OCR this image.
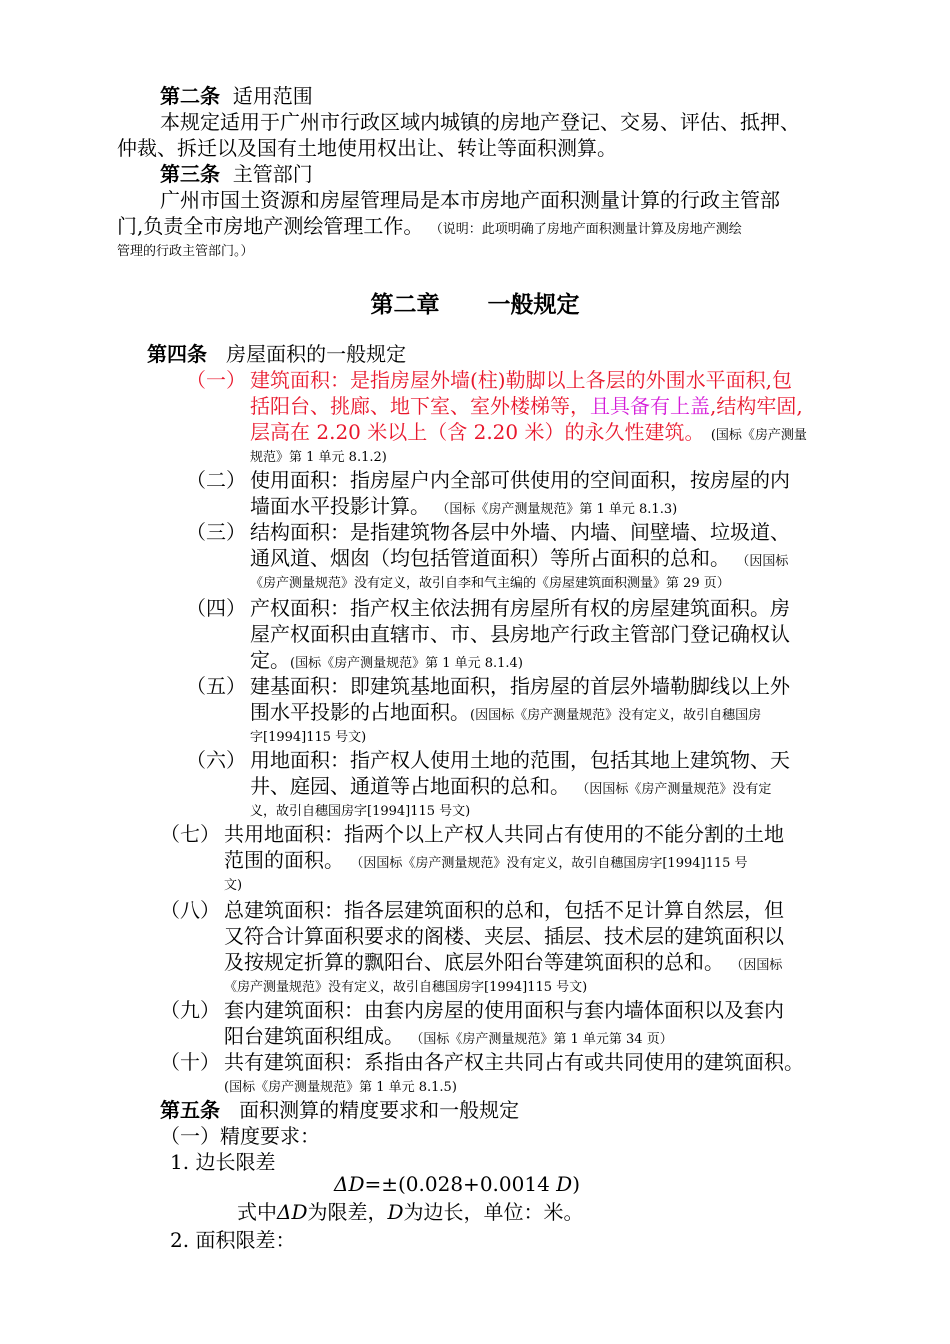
第二条 适用范围
本规定适用于广州市行政区域内城镇的房地产登记、交易、评估、抵押、
仲裁、拆迁以及国有土地使用权出让、转让等面积测算。
第三条 主管部门
广州市国土资源和房屋管理局是本市房地产面积测量计算的行政主管部
门,负责全市房地产测绘管理工作。 （说明：此项明确了房地产面积测量计算及房地产测绘
管理的行政主管部门。）
第二章 一般规定
第四条 房屋面积的一般规定
（一） 建筑面积：是指房屋外墙(柱)勒脚以上各层的外围水平面积,包
括阳台、挑廊、地下室、室外楼梯等，且具备有上盖,结构牢固,
层高在 2.20 米以上（含 2.20 米）的永久性建筑。 (国标《房产测量
规范》第 1 单元 8.1.2)
（二） 使用面积：指房屋户内全部可供使用的空间面积，按房屋的内
墙面水平投影计算。 （国标《房产测量规范》第 1 单元 8.1.3)
（三） 结构面积：是指建筑物各层中外墙、内墙、间壁墙、垃圾道、
通风道、烟囱（均包括管道面积）等所占面积的总和。 （因国标
《房产测量规范》没有定义，故引自李和气主编的《房屋建筑面积测量》第 29 页）
（四） 产权面积：指产权主依法拥有房屋所有权的房屋建筑面积。房
屋产权面积由直辖市、市、县房地产行政主管部门登记确权认
定。(国标《房产测量规范》第 1 单元 8.1.4)
（五） 建基面积：即建筑基地面积，指房屋的首层外墙勒脚线以上外
围水平投影的占地面积。(因国标《房产测量规范》没有定义，故引自穗国房
字[1994]115 号文)
（六） 用地面积：指产权人使用土地的范围，包括其地上建筑物、天
井、庭园、通道等占地面积的总和。 （因国标《房产测量规范》没有定
义，故引自穗国房字[1994]115 号文)
（七） 共用地面积：指两个以上产权人共同占有使用的不能分割的土地
范围的面积。 （因国标《房产测量规范》没有定义，故引自穗国房字[1994]115 号
文)
（八） 总建筑面积：指各层建筑面积的总和，包括不足计算自然层，但
又符合计算面积要求的阁楼、夹层、插层、技术层的建筑面积以
及按规定折算的飘阳台、底层外阳台等建筑面积的总和。 （因国标
《房产测量规范》没有定义，故引自穗国房字[1994]115 号文)
（九） 套内建筑面积：由套内房屋的使用面积与套内墙体面积以及套内
阳台建筑面积组成。 （国标《房产测量规范》第 1 单元第 34 页）
（十） 共有建筑面积：系指由各产权主共同占有或共同使用的建筑面积。
(国标《房产测量规范》第 1 单元 8.1.5)
第五条 面积测算的精度要求和一般规定
（一）精度要求：
1. 边长限差
ΔD=±(0.028+0.0014 D)
式中ΔD为限差，D为边长，单位：米。
2. 面积限差：
